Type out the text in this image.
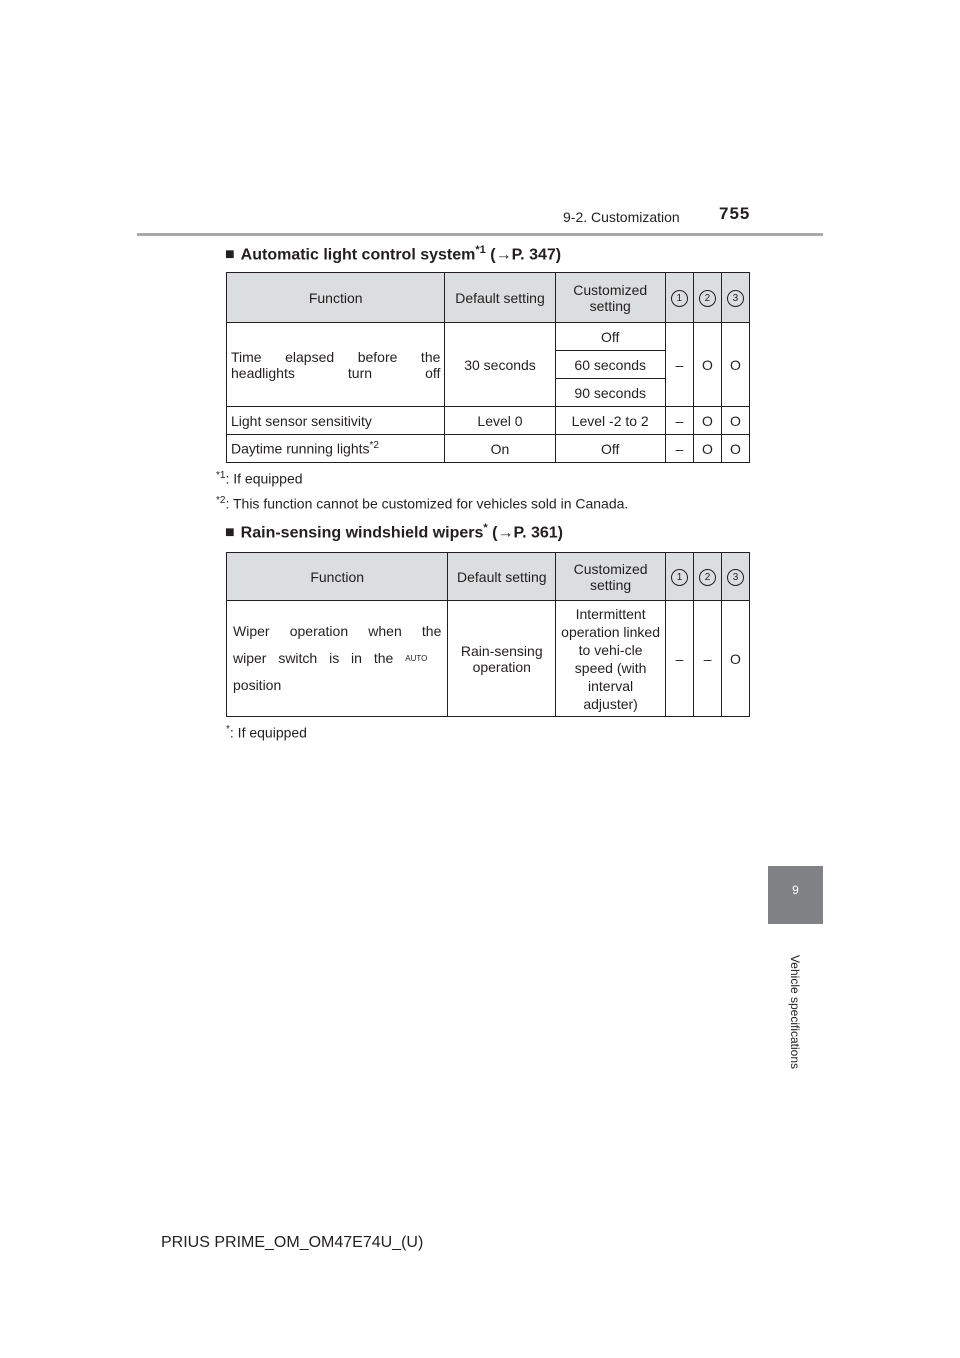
9-2. Customization 755
9
Vehicle specifications
■ Automatic light control system$^{*1}$ (→P. 347)
Function	Default setting	Customized setting	1	2	3
Time elapsed before the headlights turn off	30 seconds	Off	–	O	O
		60 seconds			
		90 seconds			
Light sensor sensitivity	Level 0	Level -2 to 2	–	O	O
Daytime running lights$^{*2}$	On	Off	–	O	O
$^{*1}$: If equipped
$^{*2}$: This function cannot be customized for vehicles sold in Canada.
■ Rain-sensing windshield wipers* (→P. 361)
Function	Default setting	Customized setting	1	2	3

Wiper operation when the
wiper switch is in the AUTO
position	Rain-sensing operation	Intermittent operation linked to vehi-cle speed (with interval adjuster)	–	–	O
*: If equipped
PRIUS PRIME_OM_OM47E74U_(U)
